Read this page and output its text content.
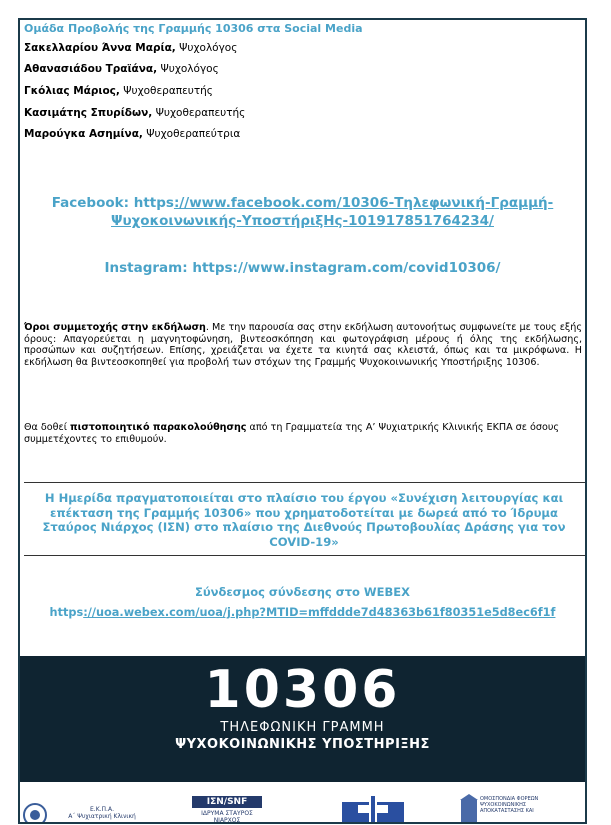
Ομάδα Προβολής της Γραμμής 10306 στα Social Media
Σακελλαρίου Άννα Μαρία, Ψυχολόγος
Αθανασιάδου Τραϊάνα, Ψυχολόγος
Γκόλιας Μάριος, Ψυχοθεραπευτής
Κασιμάτης Σπυρίδων, Ψυχοθεραπευτής
Μαρούγκα Ασημίνα, Ψυχοθεραπεύτρια
Facebook: https://www.facebook.com/10306-Τηλεφωνική-Γραμμή-
Ψυχοκοινωνικής-ΥποστήριξΗς-101917851764234/
Instagram: https://www.instagram.com/covid10306/
Όροι συμμετοχής στην εκδήλωση. Με την παρουσία σας στην εκδήλωση αυτονοήτως συμφωνείτε με τους εξής όρους: Απαγορεύεται η μαγνητοφώνηση, βιντεοσκόπηση και φωτογράφιση μέρους ή όλης της εκδήλωσης, προσώπων και συζητήσεων. Επίσης, χρειάζεται να έχετε τα κινητά σας κλειστά, όπως και τα μικρόφωνα. Η εκδήλωση θα βιντεοσκοπηθεί για προβολή των στόχων της Γραμμής Ψυχοκοινωνικής Υποστήριξης 10306.
Θα δοθεί πιστοποιητικό παρακολούθησης από τη Γραμματεία της Α’ Ψυχιατρικής Κλινικής ΕΚΠΑ σε όσους συμμετέχοντες το επιθυμούν.
Η Ημερίδα πραγματοποιείται στο πλαίσιο του έργου «Συνέχιση λειτουργίας και επέκταση της Γραμμής 10306» που χρηματοδοτείται με δωρεά από το Ίδρυμα Σταύρος Νιάρχος (ΙΣΝ) στο πλαίσιο της Διεθνούς Πρωτοβουλίας Δράσης για τον COVID-19»
Σύνδεσμος σύνδεσης στο WEBEX
https://uoa.webex.com/uoa/j.php?MTID=mffddde7d48363b61f80351e5d8ec6f1f
10306
ΤΗΛΕΦΩΝΙΚΗ ΓΡΑΜΜΗ
ΨΥΧΟΚΟΙΝΩΝΙΚΗΣ ΥΠΟΣΤΗΡΙΞΗΣ
Ε.Κ.Π.Α.
Α΄ Ψυχιατρική Κλινική
ΙΣΝ/SNF
ΙΔΡΥΜΑ ΣΤΑΥΡΟΣ ΝΙΑΡΧΟΣ
ΟΜΟΣΠΟΝΔΙΑ ΦΟΡΕΩΝ
ΨΥΧΟΚΟΙΝΩΝΙΚΗΣ
ΑΠΟΚΑΤΑΣΤΑΣΗΣ ΚΑΙ
